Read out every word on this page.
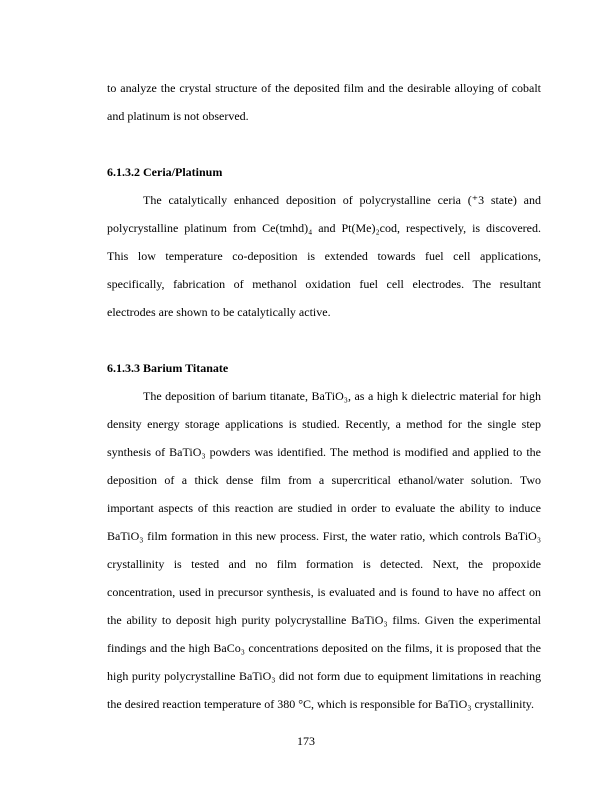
to analyze the crystal structure of the deposited film and the desirable alloying of cobalt and platinum is not observed.

6.1.3.2 Ceria/Platinum

The catalytically enhanced deposition of polycrystalline ceria (⁺3 state) and polycrystalline platinum from Ce(tmhd)₄ and Pt(Me)₂cod, respectively, is discovered. This low temperature co-deposition is extended towards fuel cell applications, specifically, fabrication of methanol oxidation fuel cell electrodes. The resultant electrodes are shown to be catalytically active.

6.1.3.3 Barium Titanate

The deposition of barium titanate, BaTiO₃, as a high k dielectric material for high density energy storage applications is studied. Recently, a method for the single step synthesis of BaTiO₃ powders was identified. The method is modified and applied to the deposition of a thick dense film from a supercritical ethanol/water solution. Two important aspects of this reaction are studied in order to evaluate the ability to induce BaTiO₃ film formation in this new process. First, the water ratio, which controls BaTiO₃ crystallinity is tested and no film formation is detected. Next, the propoxide concentration, used in precursor synthesis, is evaluated and is found to have no affect on the ability to deposit high purity polycrystalline BaTiO₃ films. Given the experimental findings and the high BaCo₃ concentrations deposited on the films, it is proposed that the high purity polycrystalline BaTiO₃ did not form due to equipment limitations in reaching the desired reaction temperature of 380 °C, which is responsible for BaTiO₃ crystallinity.

173
